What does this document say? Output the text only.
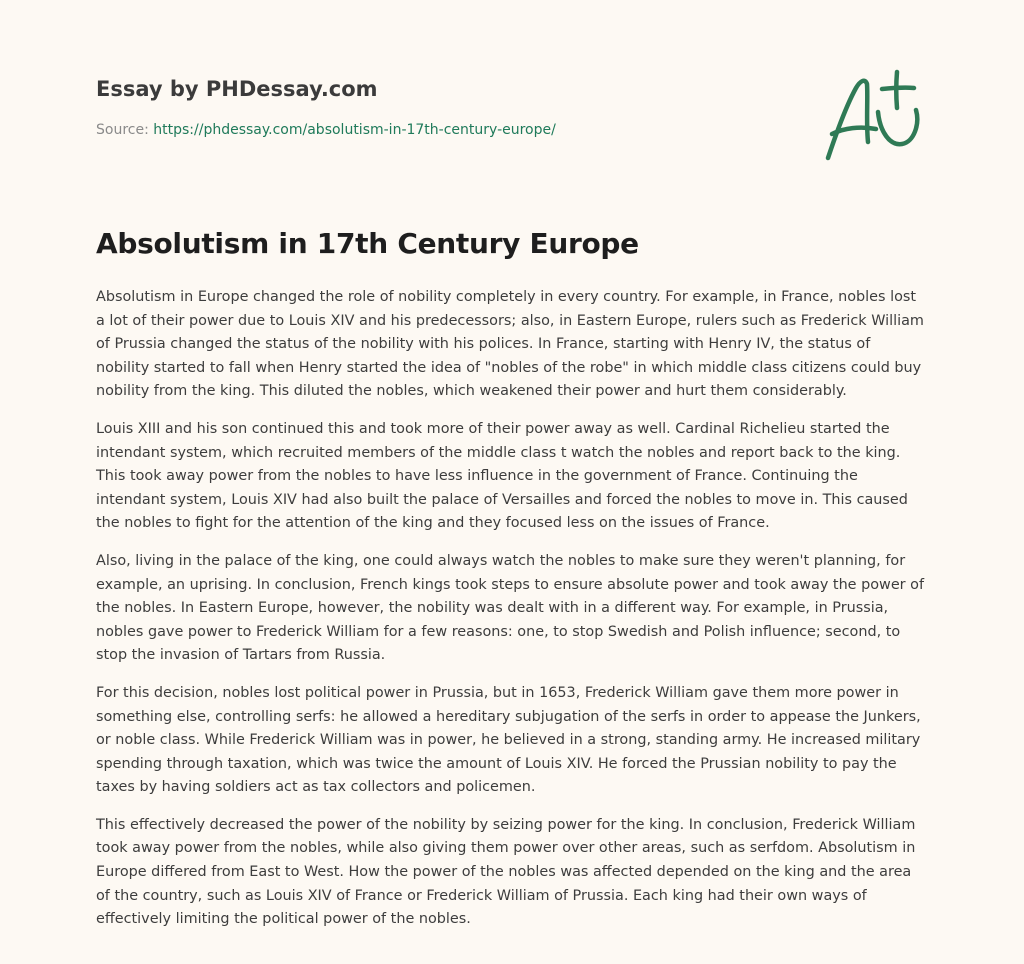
Essay by PHDessay.com
Source: https://phdessay.com/absolutism-in-17th-century-europe/
Absolutism in 17th Century Europe

Absolutism in Europe changed the role of nobility completely in every country. For example, in France, nobles lost a lot of their power due to Louis XIV and his predecessors; also, in Eastern Europe, rulers such as Frederick William of Prussia changed the status of the nobility with his polices. In France, starting with Henry IV, the status of nobility started to fall when Henry started the idea of "nobles of the robe" in which middle class citizens could buy nobility from the king. This diluted the nobles, which weakened their power and hurt them considerably.

Louis XIII and his son continued this and took more of their power away as well. Cardinal Richelieu started the intendant system, which recruited members of the middle class t watch the nobles and report back to the king. This took away power from the nobles to have less influence in the government of France. Continuing the intendant system, Louis XIV had also built the palace of Versailles and forced the nobles to move in. This caused the nobles to fight for the attention of the king and they focused less on the issues of France.

Also, living in the palace of the king, one could always watch the nobles to make sure they weren't planning, for example, an uprising. In conclusion, French kings took steps to ensure absolute power and took away the power of the nobles. In Eastern Europe, however, the nobility was dealt with in a different way. For example, in Prussia, nobles gave power to Frederick William for a few reasons: one, to stop Swedish and Polish influence; second, to stop the invasion of Tartars from Russia.

For this decision, nobles lost political power in Prussia, but in 1653, Frederick William gave them more power in something else, controlling serfs: he allowed a hereditary subjugation of the serfs in order to appease the Junkers, or noble class. While Frederick William was in power, he believed in a strong, standing army. He increased military spending through taxation, which was twice the amount of Louis XIV. He forced the Prussian nobility to pay the taxes by having soldiers act as tax collectors and policemen.

This effectively decreased the power of the nobility by seizing power for the king. In conclusion, Frederick William took away power from the nobles, while also giving them power over other areas, such as serfdom. Absolutism in Europe differed from East to West. How the power of the nobles was affected depended on the king and the area of the country, such as Louis XIV of France or Frederick William of Prussia. Each king had their own ways of effectively limiting the political power of the nobles.
